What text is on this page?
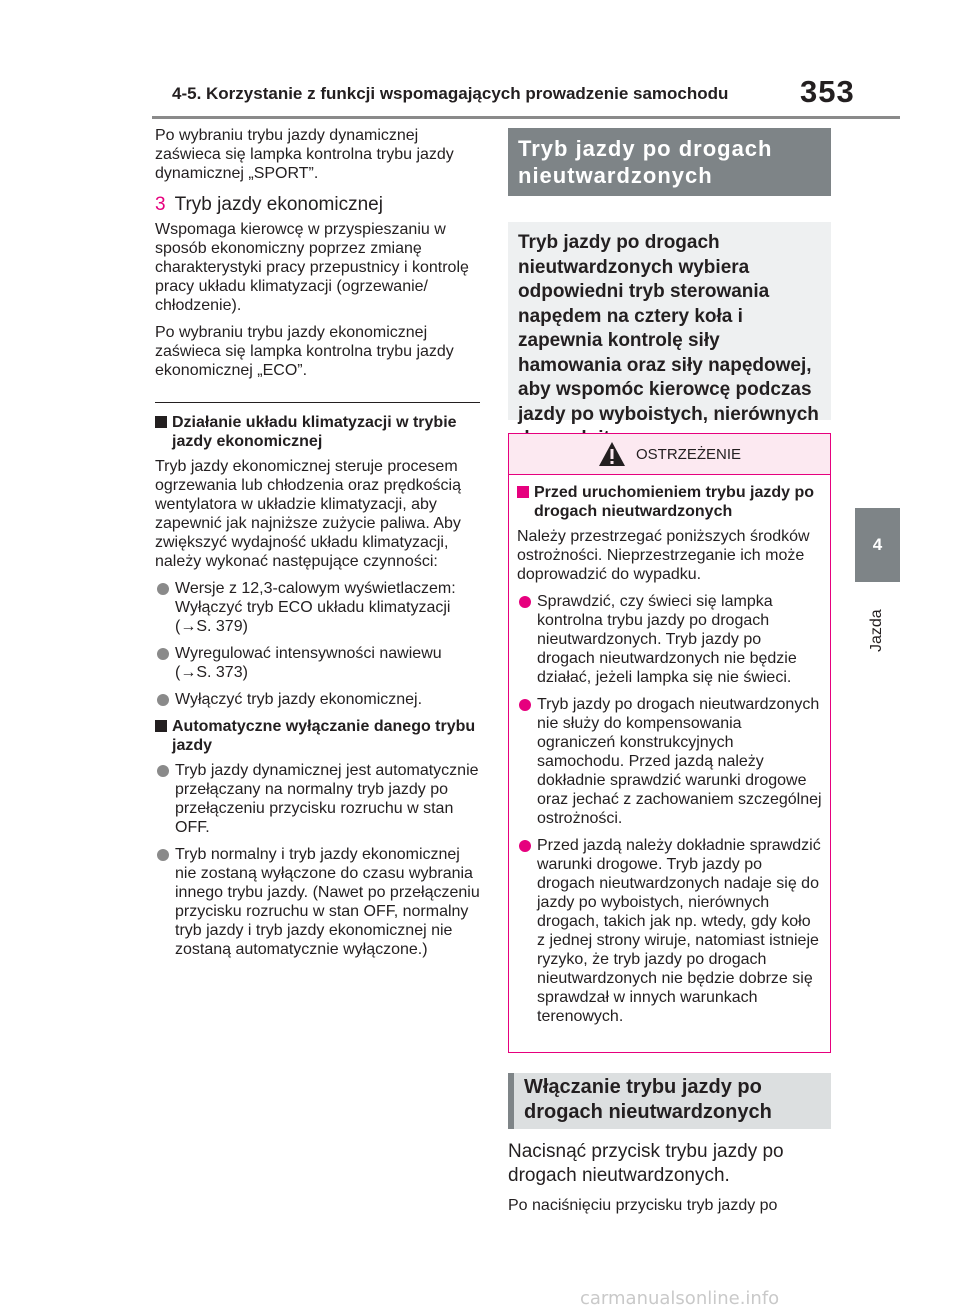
4-5. Korzystanie z funkcji wspomagających prowadzenie samochodu 353
4
Jazda

Po wybraniu trybu jazdy dynamicznej zaświeca się lampka kontrolna trybu jazdy dynamicznej „SPORT”.

3 Tryb jazdy ekonomicznej

Wspomaga kierowcę w przyspieszaniu w sposób ekonomiczny poprzez zmianę charakterystyki pracy przepustnicy i kontrolę pracy układu klimatyzacji (ogrzewanie/ chłodzenie).

Po wybraniu trybu jazdy ekonomicznej zaświeca się lampka kontrolna trybu jazdy ekonomicznej „ECO”.

Działanie układu klimatyzacji w trybie jazdy ekonomicznej

Tryb jazdy ekonomicznej steruje procesem ogrzewania lub chłodzenia oraz prędkością wentylatora w układzie klimatyzacji, aby zapewnić jak najniższe zużycie paliwa. Aby zwiększyć wydajność układu klimatyzacji, należy wykonać następujące czynności:

Wersje z 12,3-calowym wyświetlaczem: Wyłączyć tryb ECO układu klimatyzacji (→S. 379)
Wyregulować intensywności nawiewu (→S. 373)
Wyłączyć tryb jazdy ekonomicznej.
Automatyczne wyłączanie danego trybu jazdy
Tryb jazdy dynamicznej jest automatycznie przełączany na normalny tryb jazdy po przełączeniu przycisku rozruchu w stan OFF.
Tryb normalny i tryb jazdy ekonomicznej nie zostaną wyłączone do czasu wybrania innego trybu jazdy. (Nawet po przełączeniu przycisku rozruchu w stan OFF, normalny tryb jazdy i tryb jazdy ekonomicznej nie zostaną automatycznie wyłączone.)
Tryb jazdy po drogach nieutwardzonych
Tryb jazdy po drogach nieutwardzonych wybiera odpowiedni tryb sterowania napędem na cztery koła i zapewnia kontrolę siły hamowania oraz siły napędowej, aby wspomóc kierowcę podczas jazdy po wyboistych, nierównych
OSTRZEŻENIE
Przed uruchomieniem trybu jazdy po drogach nieutwardzonych

Należy przestrzegać poniższych środków ostrożności. Nieprzestrzeganie ich może doprowadzić do wypadku.

Sprawdzić, czy świeci się lampka kontrolna trybu jazdy po drogach nieutwardzonych. Tryb jazdy po drogach nieutwardzonych nie będzie działać, jeżeli lampka się nie świeci.
Tryb jazdy po drogach nieutwardzonych nie służy do kompensowania ograniczeń konstrukcyjnych samochodu. Przed jazdą należy dokładnie sprawdzić warunki drogowe oraz jechać z zachowaniem szczególnej ostrożności.
Przed jazdą należy dokładnie sprawdzić warunki drogowe. Tryb jazdy po drogach nieutwardzonych nadaje się do jazdy po wyboistych, nierównych drogach, takich jak np. wtedy, gdy koło z jednej strony wiruje, natomiast istnieje ryzyko, że tryb jazdy po drogach nieutwardzonych nie będzie dobrze się sprawdzał w innych warunkach terenowych.
Włączanie trybu jazdy po drogach nieutwardzonych
Nacisnąć przycisk trybu jazdy po drogach nieutwardzonych.
Po naciśnięciu przycisku tryb jazdy po
carmanualsonline.info
